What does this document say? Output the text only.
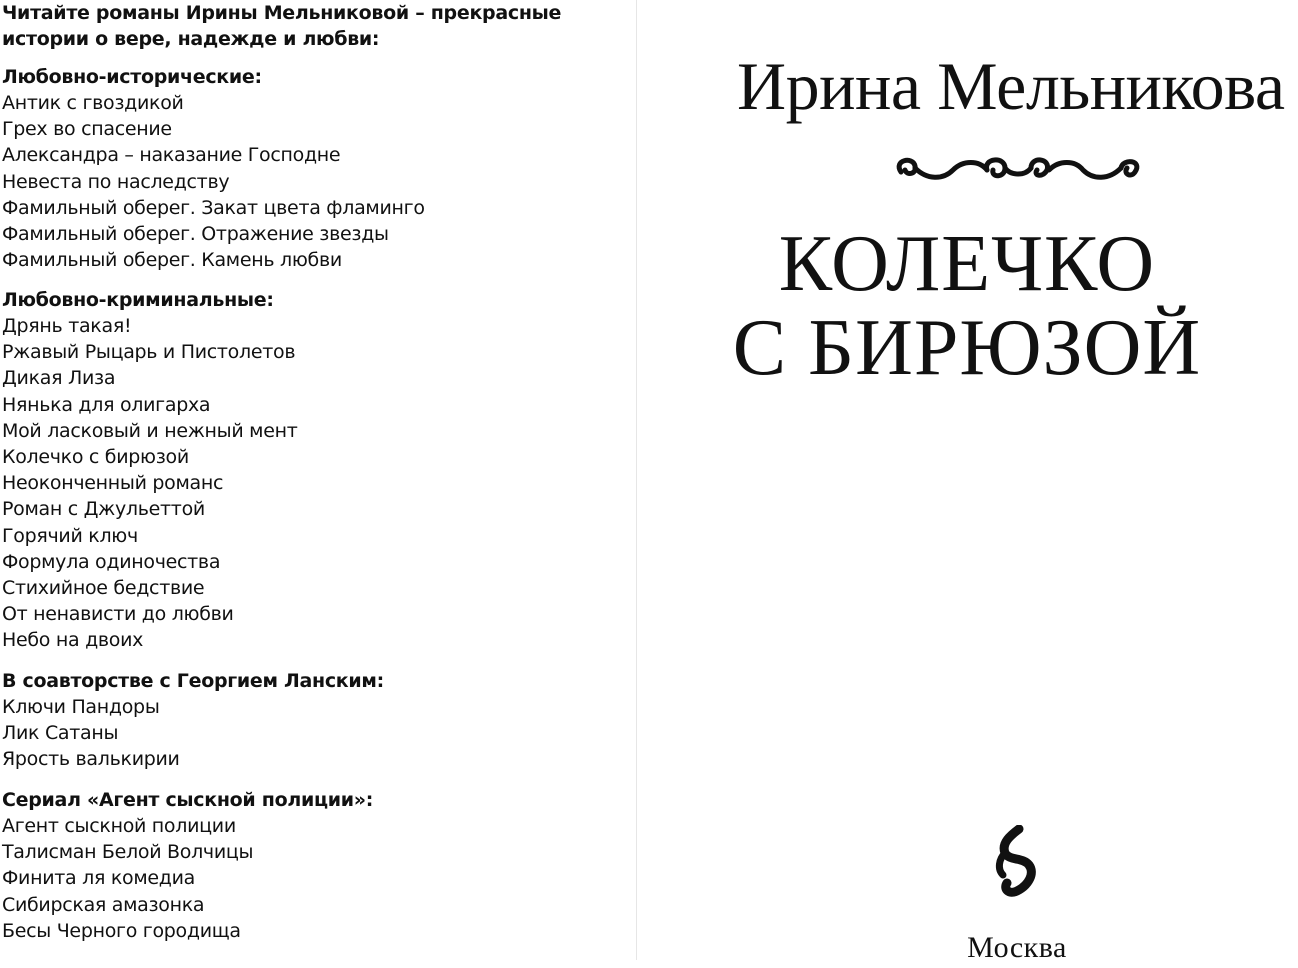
Читайте романы Ирины Мельниковой – прекрасные истории о вере, надежде и любви:
Любовно-исторические:
Антик с гвоздикой
Грех во спасение
Александра – наказание Господне
Невеста по наследству
Фамильный оберег. Закат цвета фламинго
Фамильный оберег. Отражение звезды
Фамильный оберег. Камень любви
Любовно-криминальные:
Дрянь такая!
Ржавый Рыцарь и Пистолетов
Дикая Лиза
Нянька для олигарха
Мой ласковый и нежный мент
Колечко с бирюзой
Неоконченный романс
Роман с Джульеттой
Горячий ключ
Формула одиночества
Стихийное бедствие
От ненависти до любви
Небо на двоих
В соавторстве с Георгием Ланским:
Ключи Пандоры
Лик Сатаны
Ярость валькирии
Сериал «Агент сыскной полиции»:
Агент сыскной полиции
Талисман Белой Волчицы
Финита ля комедиа
Сибирская амазонка
Бесы Черного городища
Ирина Мельникова
КОЛЕЧКО
С БИРЮЗОЙ
Москва
